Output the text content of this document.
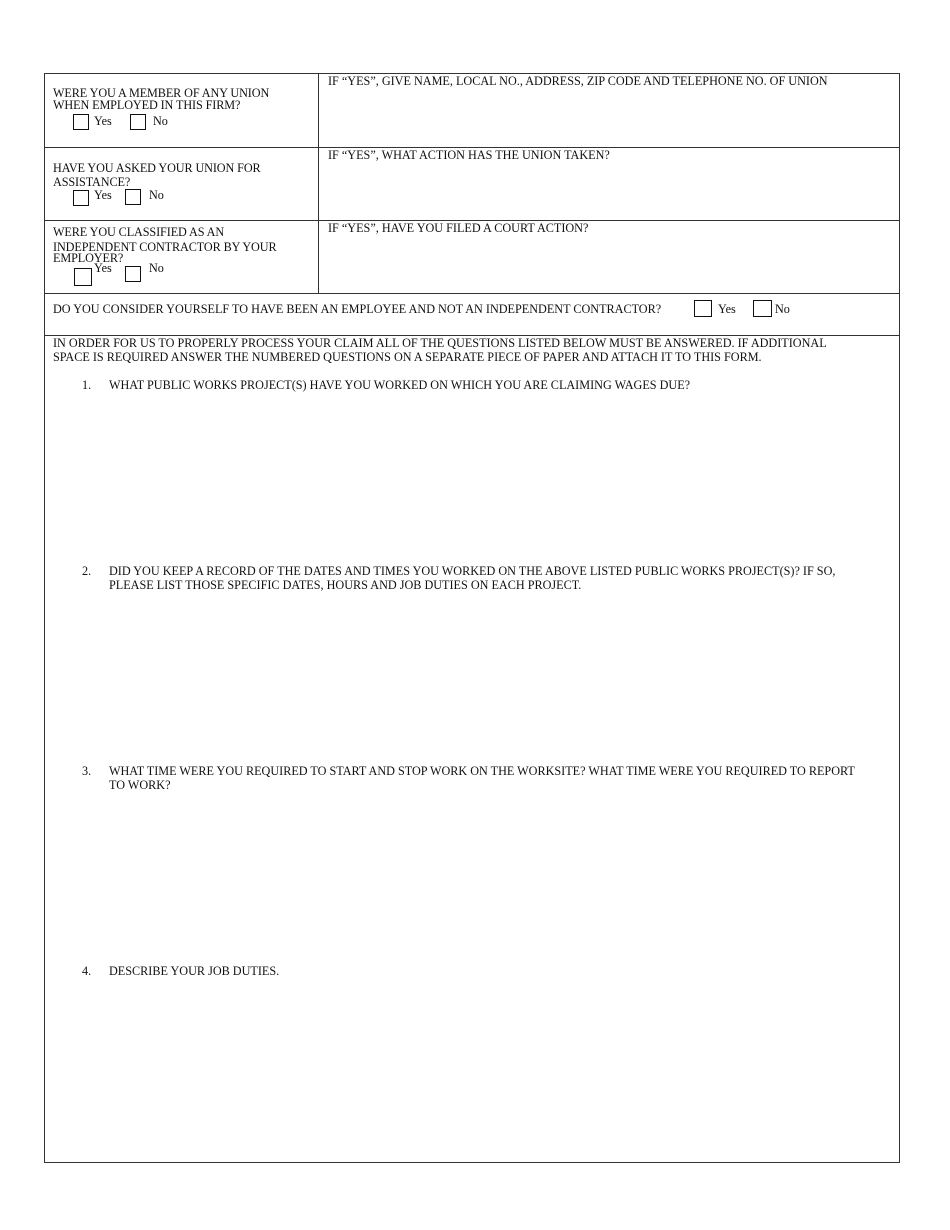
WERE YOU A MEMBER OF ANY UNION
WHEN EMPLOYED IN THIS FIRM?
Yes	No
IF “YES”, GIVE NAME, LOCAL NO., ADDRESS, ZIP CODE AND TELEPHONE NO. OF UNION
HAVE YOU ASKED YOUR UNION FOR
ASSISTANCE?
Yes	No
IF “YES”, WHAT ACTION HAS THE UNION TAKEN?
WERE YOU CLASSIFIED AS AN
INDEPENDENT CONTRACTOR BY YOUR
EMPLOYER?
Yes	No
IF “YES”, HAVE YOU FILED A COURT ACTION?
DO YOU CONSIDER YOURSELF TO HAVE BEEN AN EMPLOYEE AND NOT AN INDEPENDENT CONTRACTOR?	Yes	No
IN ORDER FOR US TO PROPERLY PROCESS YOUR CLAIM ALL OF THE QUESTIONS LISTED BELOW MUST BE ANSWERED. IF ADDITIONAL
SPACE IS REQUIRED ANSWER THE NUMBERED QUESTIONS ON A SEPARATE PIECE OF PAPER AND ATTACH IT TO THIS FORM.
1. WHAT PUBLIC WORKS PROJECT(S) HAVE YOU WORKED ON WHICH YOU ARE CLAIMING WAGES DUE?
2. DID YOU KEEP A RECORD OF THE DATES AND TIMES YOU WORKED ON THE ABOVE LISTED PUBLIC WORKS PROJECT(S)? IF SO,
PLEASE LIST THOSE SPECIFIC DATES, HOURS AND JOB DUTIES ON EACH PROJECT.
3. WHAT TIME WERE YOU REQUIRED TO START AND STOP WORK ON THE WORKSITE? WHAT TIME WERE YOU REQUIRED TO REPORT
TO WORK?
4. DESCRIBE YOUR JOB DUTIES.
